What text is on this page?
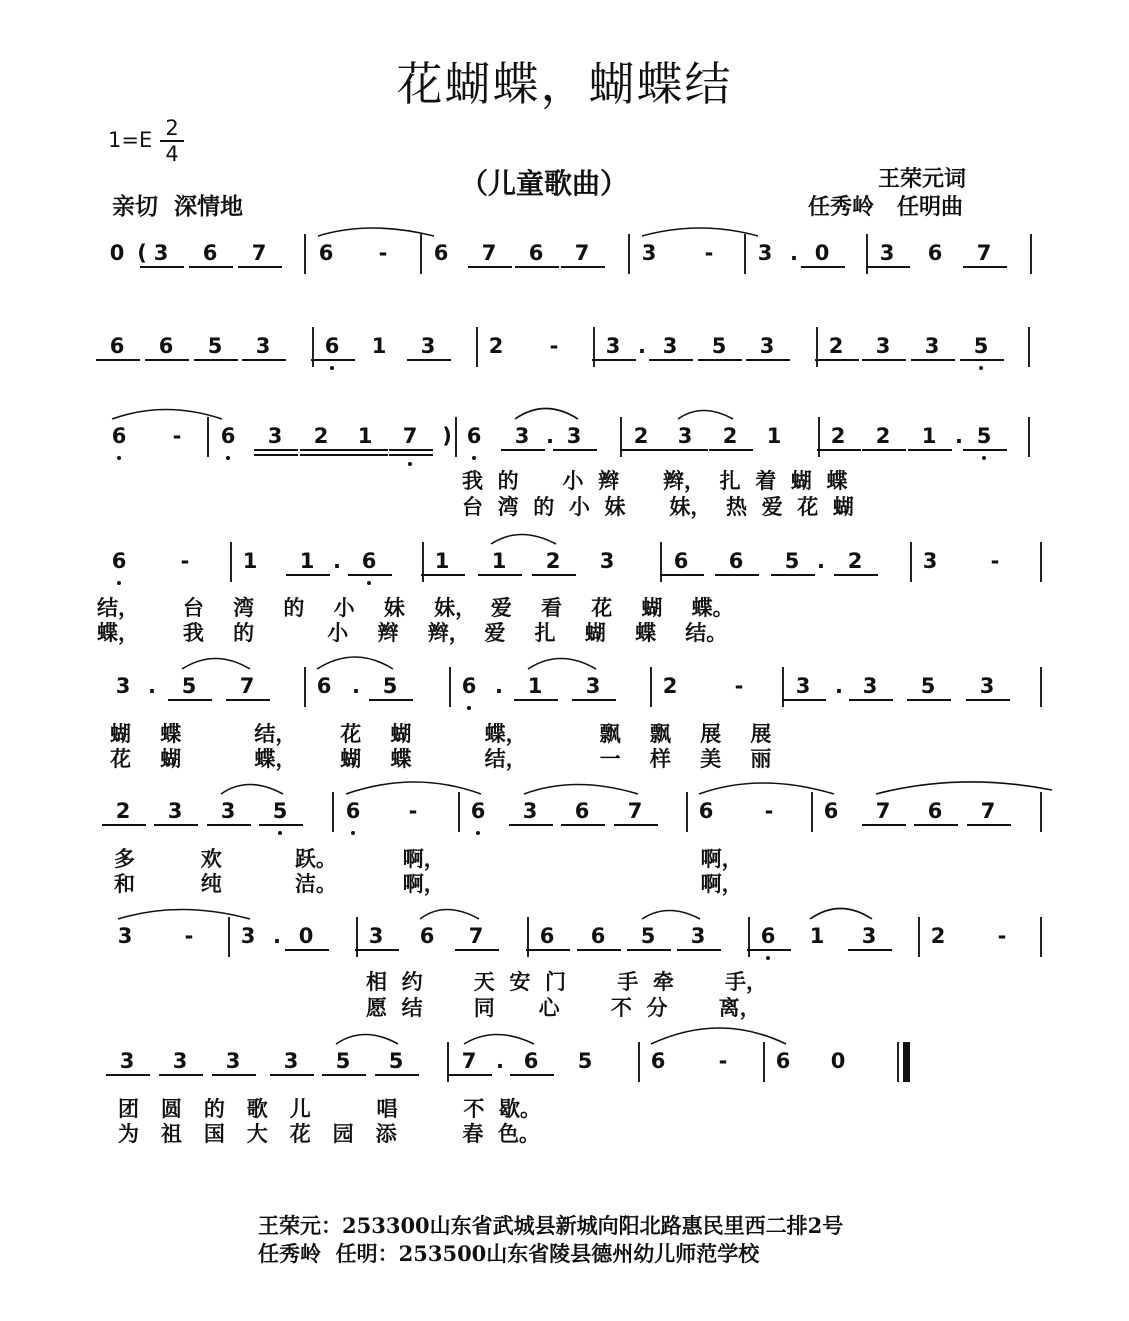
花蝴蝶，蝴蝶结
1=E 2
4
（儿童歌曲）
亲切  深情地
王荣元词
任秀岭   任明曲
0 ( 3 6 7 6 - 6 7 6 7 3 - 3 . 0 3 6 7
6 6 5 3	6 1 3	2 - 3 . 3 5 3	2 3 3 5
6 - 6 3 2 1 7 ) 6 3 . 3 2 3 2 1 2 2 1 . 5
6	-	1 1 . 6	1 1 2 3	6 6 5 . 2	3	-
3 . 5 7	6 . 5	6 . 1 3	2	- 3 . 3 5 3
2 3 3 5	6 -	6 3 6 7	6 - 6 7 6 7
3 - 3 . 0	3 6 7	6 6 5 3	6 1 3	2 -
3 3 3 3 5 5	7 . 6 5	6	- 6 0
我  的      小  辫      辫，  扎  着  蝴  蝶
台  湾  的  小  妹      妹，  热  爱  花  蝴
结，      台    湾    的    小    妹    妹，  爱    看    花    蝴    蝶。
蝶，      我    的          小    辫    辫，  爱    扎    蝴    蝶    结。
蝴    蝶          结，      花    蝴          蝶，          飘    飘    展    展
花    蝴          蝶，      蝴    蝶          结，          一    样    美    丽
多         欢          跃。         啊，                                   啊，
和         纯          洁。         啊，                                   啊，
相  约       天  安  门       手  牵       手，
愿  结       同      心       不  分       离，
团   圆   的   歌   儿         唱         不  歇。
为   祖   国   大   花   园   添         春  色。
王荣元：253300山东省武城县新城向阳北路惠民里西二排2号
任秀岭  任明：253500山东省陵县德州幼儿师范学校
